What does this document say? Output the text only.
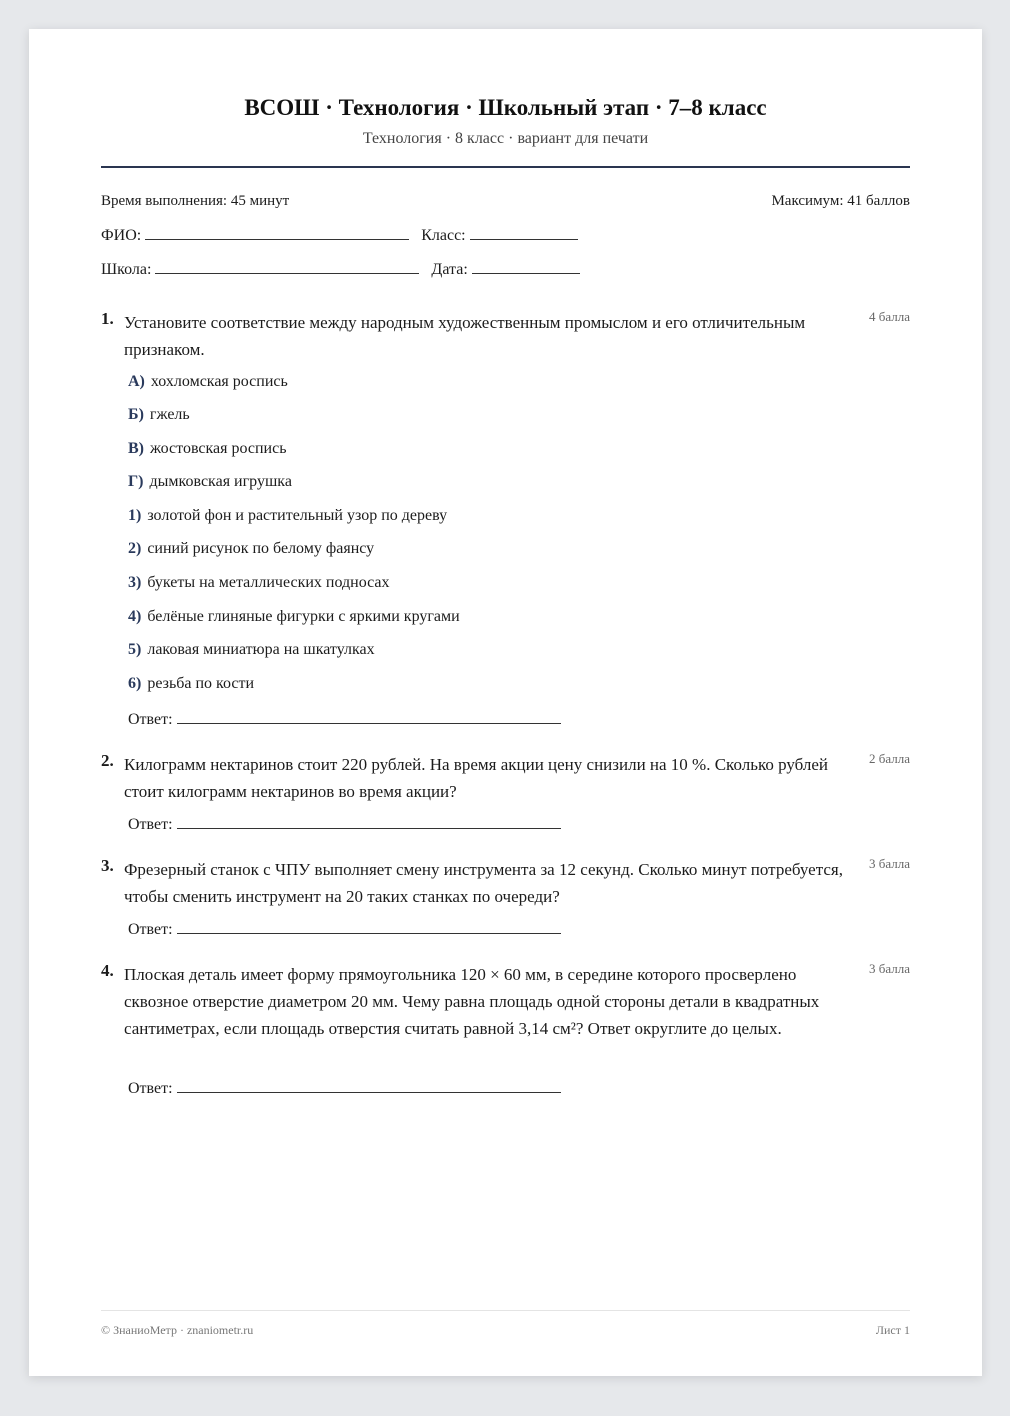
ВСОШ · Технология · Школьный этап · 7–8 класс
Технология · 8 класс · вариант для печати
Время выполнения: 45 минут	Максимум: 41 баллов
ФИО:	Класс:
Школа:	Дата:
1. Установите соответствие между народным художественным промыслом и его отличительным признаком.
4 балла
А) хохломская роспись
Б) гжель
В) жостовская роспись
Г) дымковская игрушка
1) золотой фон и растительный узор по дереву
2) синий рисунок по белому фаянсу
3) букеты на металлических подносах
4) белёные глиняные фигурки с яркими кругами
5) лаковая миниатюра на шкатулках
6) резьба по кости
Ответ:
2. Килограмм нектаринов стоит 220 рублей. На время акции цену снизили на 10 %. Сколько рублей стоит килограмм нектаринов во время акции?
2 балла
Ответ:
3. Фрезерный станок с ЧПУ выполняет смену инструмента за 12 секунд. Сколько минут потребуется, чтобы сменить инструмент на 20 таких станках по очереди?
3 балла
Ответ:
4. Плоская деталь имеет форму прямоугольника 120 × 60 мм, в середине которого просверлено сквозное отверстие диаметром 20 мм. Чему равна площадь одной стороны детали в квадратных сантиметрах, если площадь отверстия считать равной 3,14 см²? Ответ округлите до целых.
3 балла
Ответ:
© ЗнаниоМетр · znaniometr.ru	Лист 1
